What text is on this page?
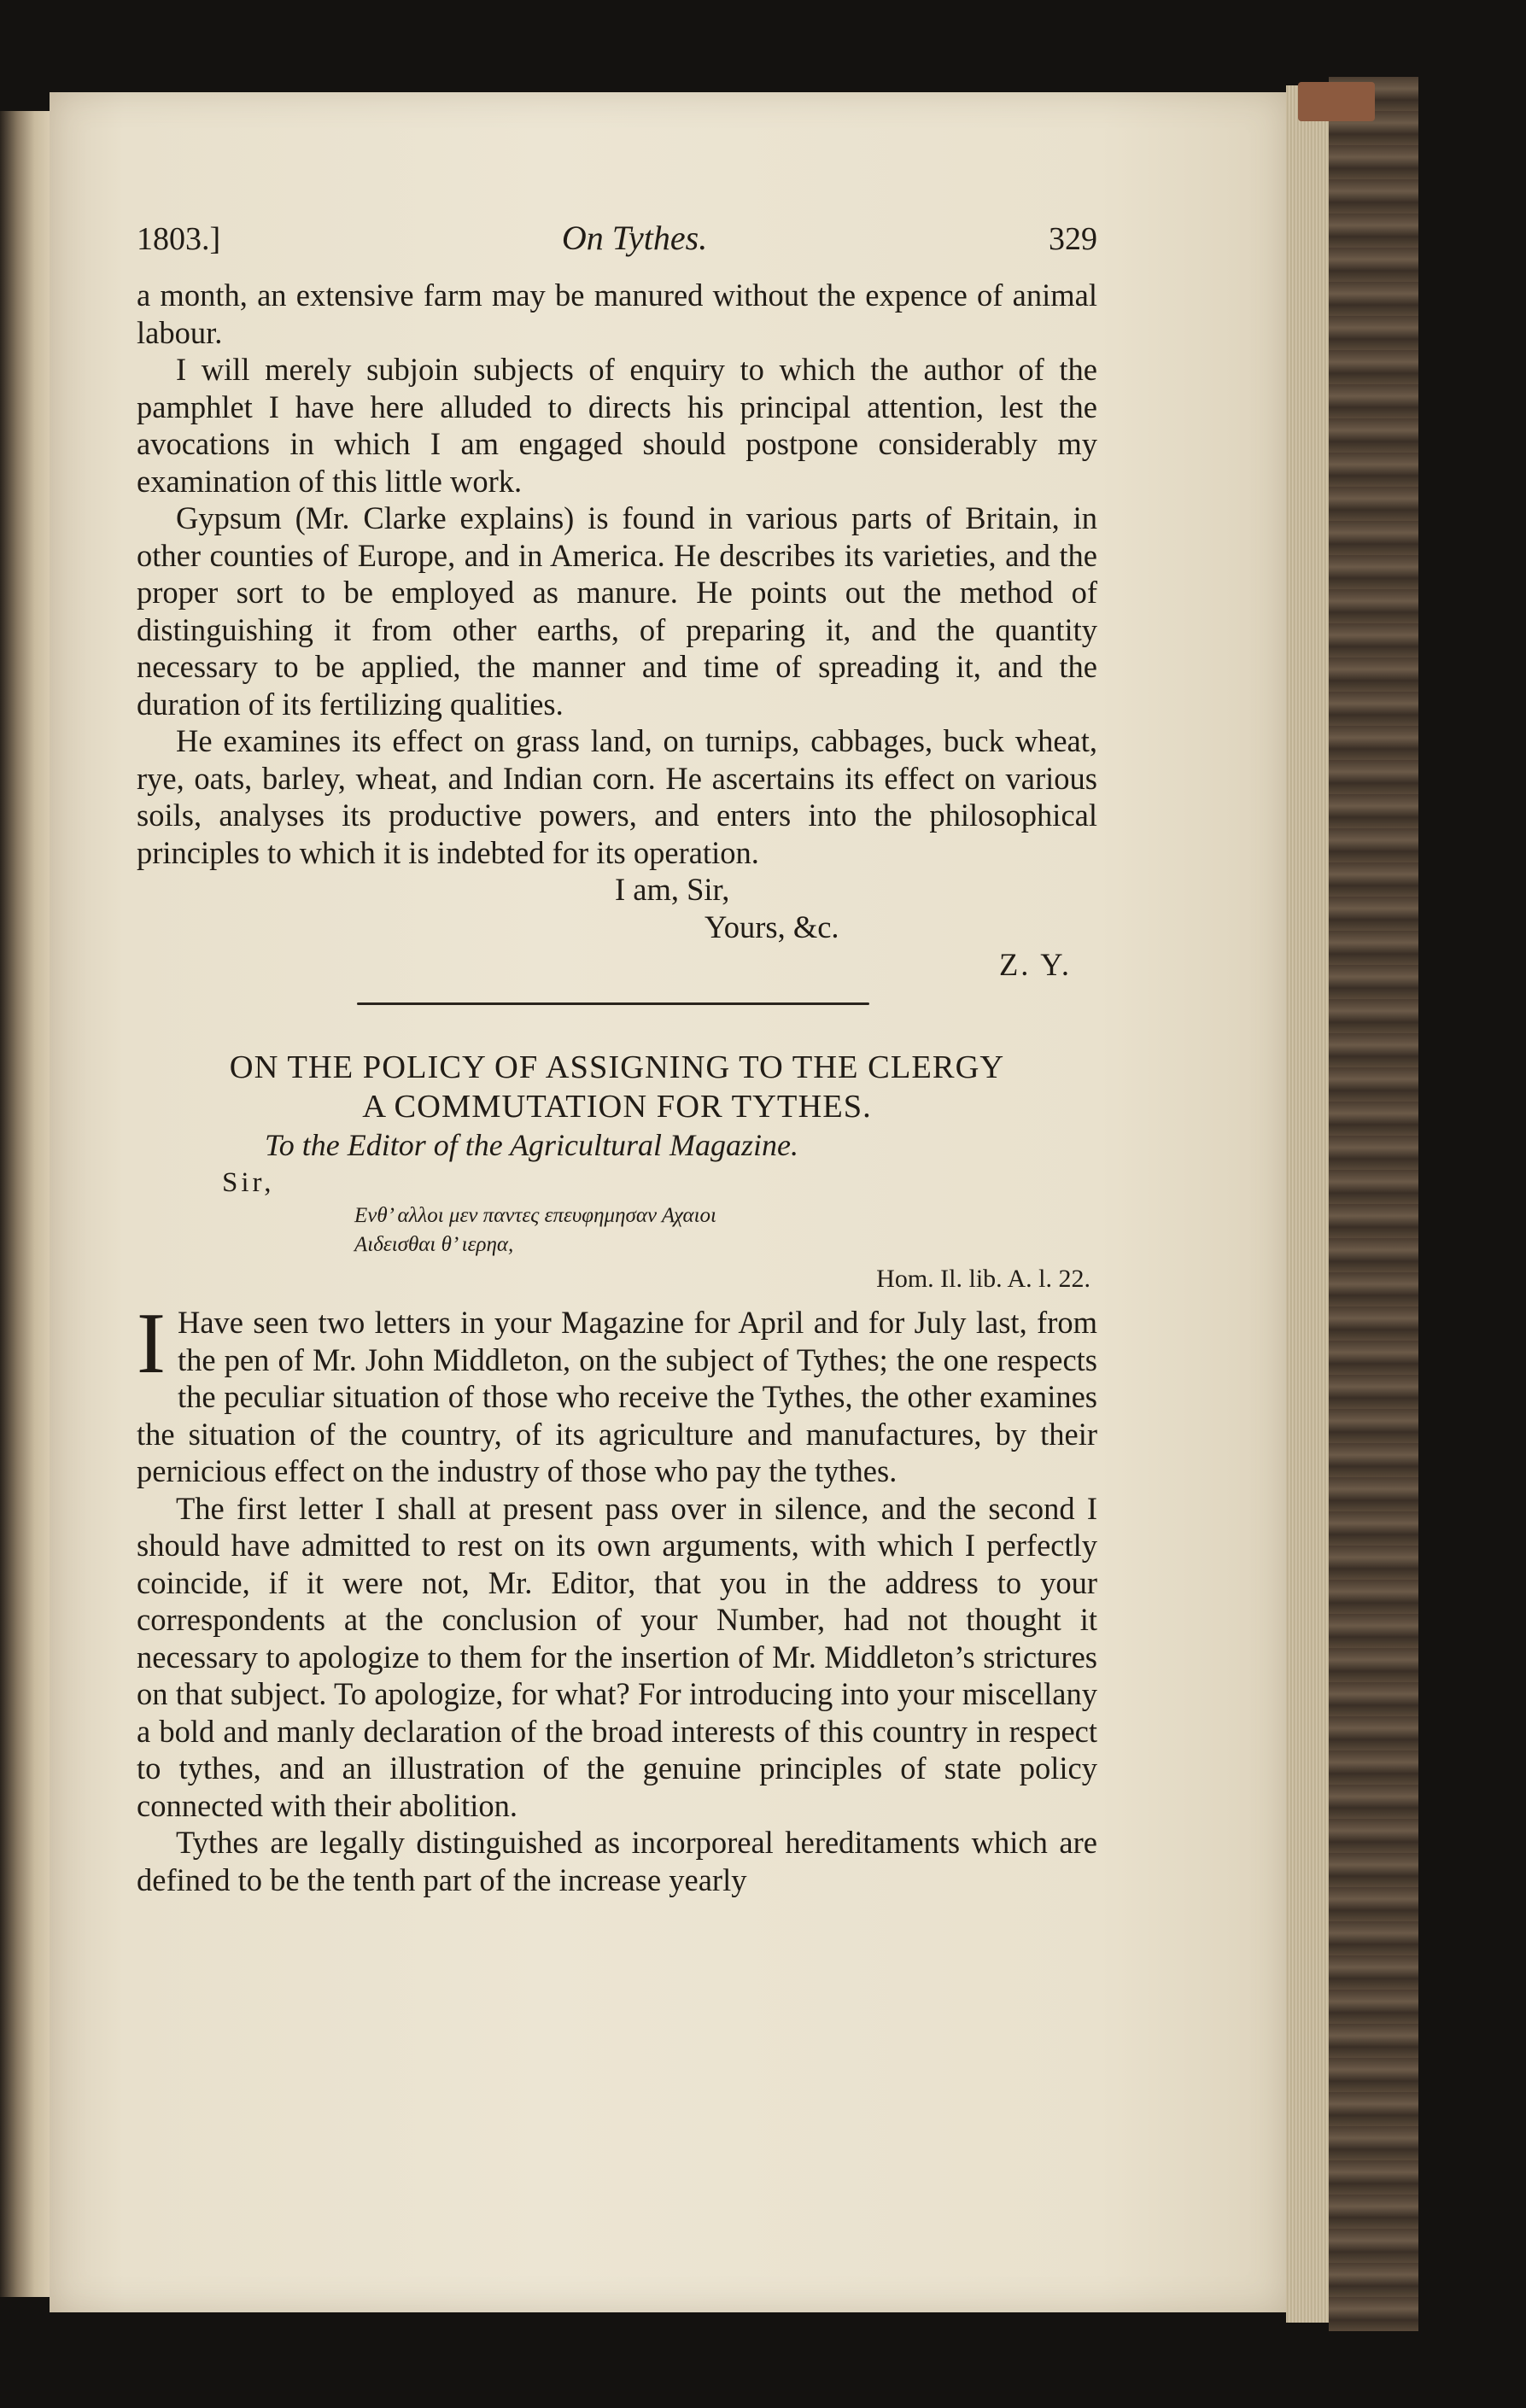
1803.]	On Tythes.	329

a month, an extensive farm may be manured without the expence of animal labour.

I will merely subjoin subjects of enquiry to which the author of the pamphlet I have here alluded to directs his principal attention, lest the avocations in which I am engaged should postpone considerably my examination of this little work.

Gypsum (Mr. Clarke explains) is found in various parts of Britain, in other counties of Europe, and in America. He describes its varieties, and the proper sort to be employed as manure. He points out the method of distinguishing it from other earths, of preparing it, and the quantity necessary to be applied, the manner and time of spreading it, and the duration of its fertilizing qualities.

He examines its effect on grass land, on turnips, cabbages, buck wheat, rye, oats, barley, wheat, and Indian corn. He ascertains its effect on various soils, analyses its productive powers, and enters into the philosophical principles to which it is indebted for its operation.

I am, Sir,
Yours, &c.
Z. Y.
ON THE POLICY OF ASSIGNING TO THE CLERGY
A COMMUTATION FOR TYTHES.
To the Editor of the Agricultural Magazine.
Sir,
Ενθ’ αλλοι μεν παντες επευφημησαν Αχαιοι
Αιδεισθαι θ’ ιερηα,
Hom. Il. lib. A. l. 22.

I Have seen two letters in your Magazine for April and for July last, from the pen of Mr. John Middleton, on the subject of Tythes; the one respects the peculiar situation of those who receive the Tythes, the other examines the situation of the country, of its agriculture and manufactures, by their pernicious effect on the industry of those who pay the tythes.

The first letter I shall at present pass over in silence, and the second I should have admitted to rest on its own arguments, with which I perfectly coincide, if it were not, Mr. Editor, that you in the address to your correspondents at the conclusion of your Number, had not thought it necessary to apologize to them for the insertion of Mr. Middleton’s strictures on that subject. To apologize, for what? For introducing into your miscellany a bold and manly declaration of the broad interests of this country in respect to tythes, and an illustration of the genuine principles of state policy connected with their abolition.

Tythes are legally distinguished as incorporeal hereditaments which are defined to be the tenth part of the increase yearly
